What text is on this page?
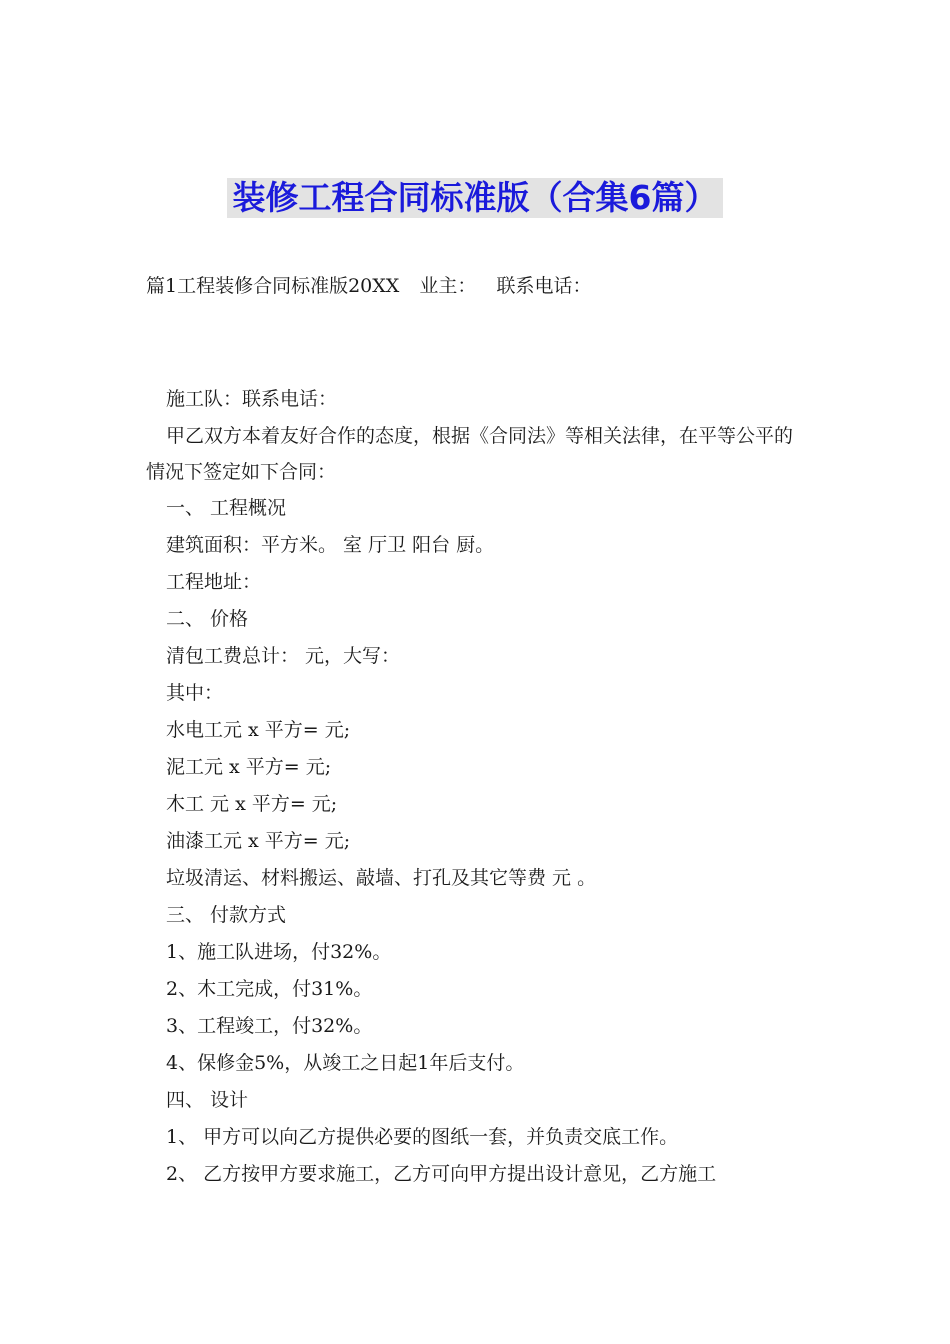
装修工程合同标准版（合集6篇）
篇1工程装修合同标准版20XX 业主： 联系电话：
施工队：联系电话：
甲乙双方本着友好合作的态度，根据《合同法》等相关法律，在平等公平的情况下签定如下合同：
一、 工程概况
建筑面积：平方米。 室 厅卫 阳台 厨。
工程地址：
二、 价格
清包工费总计： 元，大写：
其中：
水电工元 x 平方= 元;
泥工元 x 平方= 元;
木工 元 x 平方= 元;
油漆工元 x 平方= 元;
垃圾清运、材料搬运、敲墙、打孔及其它等费 元 。
三、 付款方式
1、施工队进场，付32%。
2、木工完成，付31%。
3、工程竣工，付32%。
4、保修金5%，从竣工之日起1年后支付。
四、 设计
1、 甲方可以向乙方提供必要的图纸一套，并负责交底工作。
2、 乙方按甲方要求施工，乙方可向甲方提出设计意见，乙方施工
